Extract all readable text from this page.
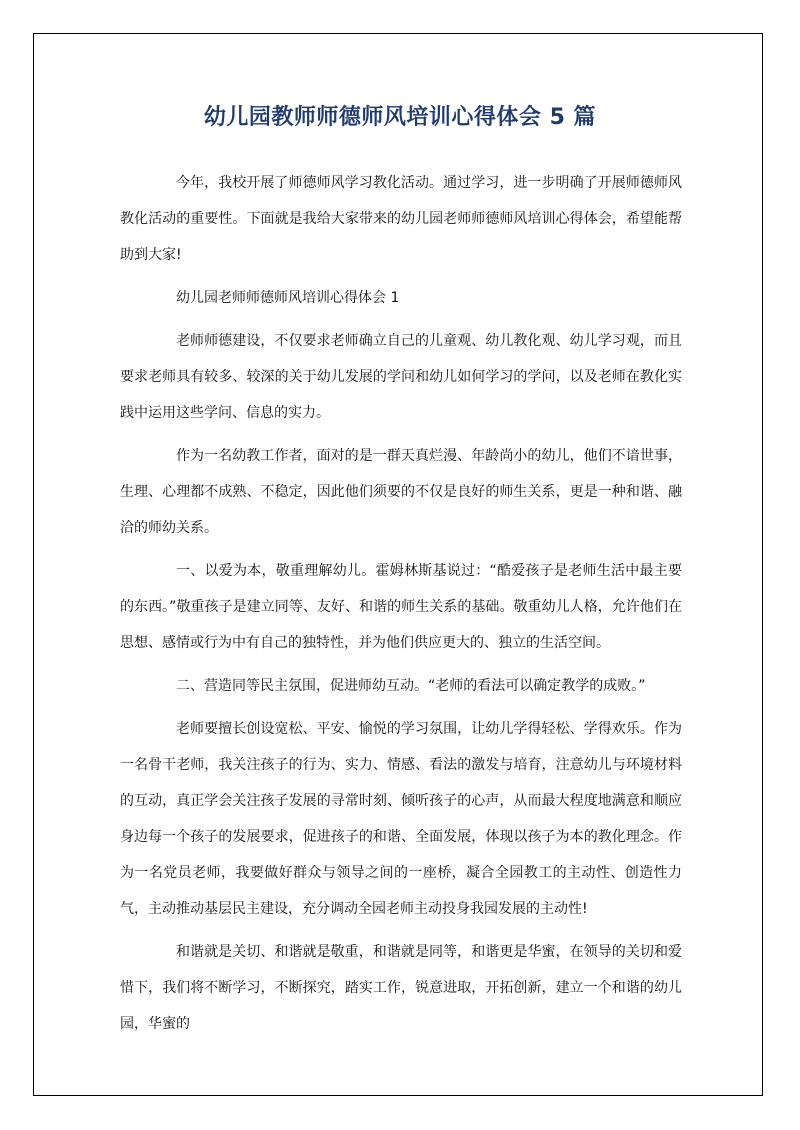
幼儿园教师师德师风培训心得体会 5 篇

今年，我校开展了师德师风学习教化活动。通过学习，进一步明确了开展师德师风教化活动的重要性。下面就是我给大家带来的幼儿园老师师德师风培训心得体会，希望能帮助到大家!

幼儿园老师师德师风培训心得体会 1

老师师德建设，不仅要求老师确立自己的儿童观、幼儿教化观、幼儿学习观，而且要求老师具有较多、较深的关于幼儿发展的学问和幼儿如何学习的学问，以及老师在教化实践中运用这些学问、信息的实力。

作为一名幼教工作者，面对的是一群天真烂漫、年龄尚小的幼儿，他们不谙世事，生理、心理都不成熟、不稳定，因此他们须要的不仅是良好的师生关系，更是一种和谐、融洽的师幼关系。

一、以爱为本，敬重理解幼儿。霍姆林斯基说过：“酷爱孩子是老师生活中最主要的东西。”敬重孩子是建立同等、友好、和谐的师生关系的基础。敬重幼儿人格，允许他们在思想、感情或行为中有自己的独特性，并为他们供应更大的、独立的生活空间。

二、营造同等民主氛围，促进师幼互动。“老师的看法可以确定教学的成败。”

老师要擅长创设宽松、平安、愉悦的学习氛围，让幼儿学得轻松、学得欢乐。作为一名骨干老师，我关注孩子的行为、实力、情感、看法的激发与培育，注意幼儿与环境材料的互动，真正学会关注孩子发展的寻常时刻、倾听孩子的心声，从而最大程度地满意和顺应身边每一个孩子的发展要求，促进孩子的和谐、全面发展，体现以孩子为本的教化理念。作为一名党员老师，我要做好群众与领导之间的一座桥，凝合全园教工的主动性、创造性力气，主动推动基层民主建设，充分调动全园老师主动投身我园发展的主动性!

和谐就是关切、和谐就是敬重，和谐就是同等，和谐更是华蜜，在领导的关切和爱惜下，我们将不断学习，不断探究，踏实工作，锐意进取，开拓创新，建立一个和谐的幼儿园，华蜜的
